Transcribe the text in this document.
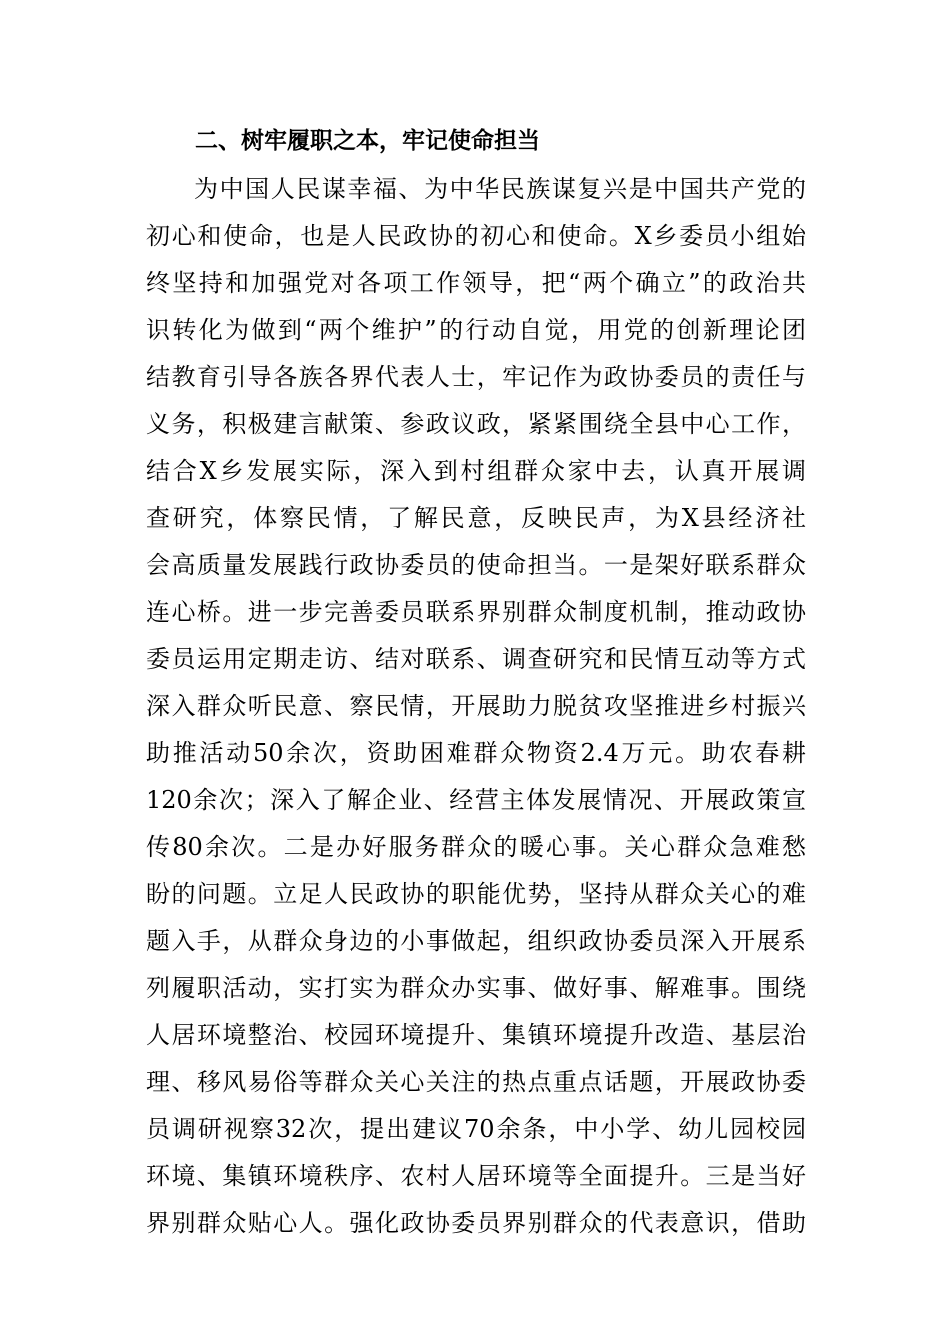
二、树牢履职之本，牢记使命担当
为中国人民谋幸福、为中华民族谋复兴是中国共产党的
初心和使命，也是人民政协的初心和使命。X乡委员小组始
终坚持和加强党对各项工作领导，把“两个确立”的政治共
识转化为做到“两个维护”的行动自觉，用党的创新理论团
结教育引导各族各界代表人士，牢记作为政协委员的责任与
义务，积极建言献策、参政议政，紧紧围绕全县中心工作，
结合X乡发展实际，深入到村组群众家中去，认真开展调
查研究，体察民情，了解民意，反映民声，为X县经济社
会高质量发展践行政协委员的使命担当。一是架好联系群众
连心桥。进一步完善委员联系界别群众制度机制，推动政协
委员运用定期走访、结对联系、调查研究和民情互动等方式
深入群众听民意、察民情，开展助力脱贫攻坚推进乡村振兴
助推活动50余次，资助困难群众物资2.4万元。助农春耕
120余次；深入了解企业、经营主体发展情况、开展政策宣
传80余次。二是办好服务群众的暖心事。关心群众急难愁
盼的问题。立足人民政协的职能优势，坚持从群众关心的难
题入手，从群众身边的小事做起，组织政协委员深入开展系
列履职活动，实打实为群众办实事、做好事、解难事。围绕
人居环境整治、校园环境提升、集镇环境提升改造、基层治
理、移风易俗等群众关心关注的热点重点话题，开展政协委
员调研视察32次，提出建议70余条，中小学、幼儿园校园
环境、集镇环境秩序、农村人居环境等全面提升。三是当好
界别群众贴心人。强化政协委员界别群众的代表意识，借助
